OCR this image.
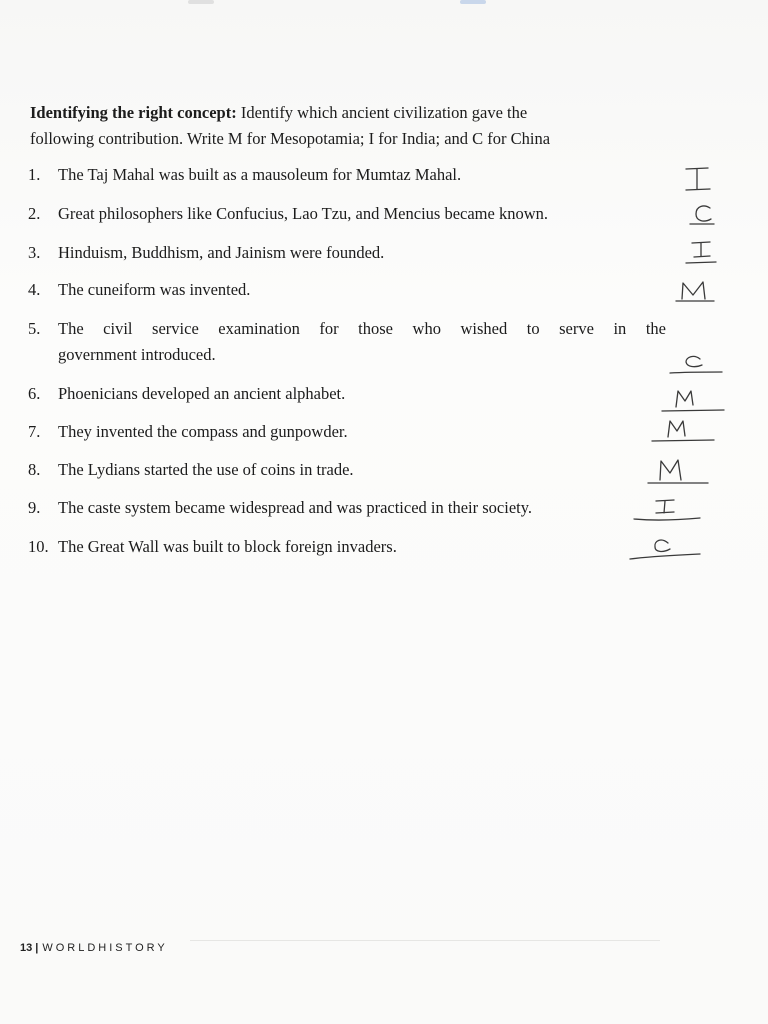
Identifying the right concept: Identify which ancient civilization gave the
following contribution. Write M for Mesopotamia; I for India; and C for China
1. The Taj Mahal was built as a mausoleum for Mumtaz Mahal.
2. Great philosophers like Confucius, Lao Tzu, and Mencius became known.
3. Hinduism, Buddhism, and Jainism were founded.
4. The cuneiform was invented.
5. The civil service examination for those who wished to serve in the
government introduced.
6. Phoenicians developed an ancient alphabet.
7. They invented the compass and gunpowder.
8. The Lydians started the use of coins in trade.
9. The caste system became widespread and was practiced in their society.
10. The Great Wall was built to block foreign invaders.
13 | WORLDHISTORY
